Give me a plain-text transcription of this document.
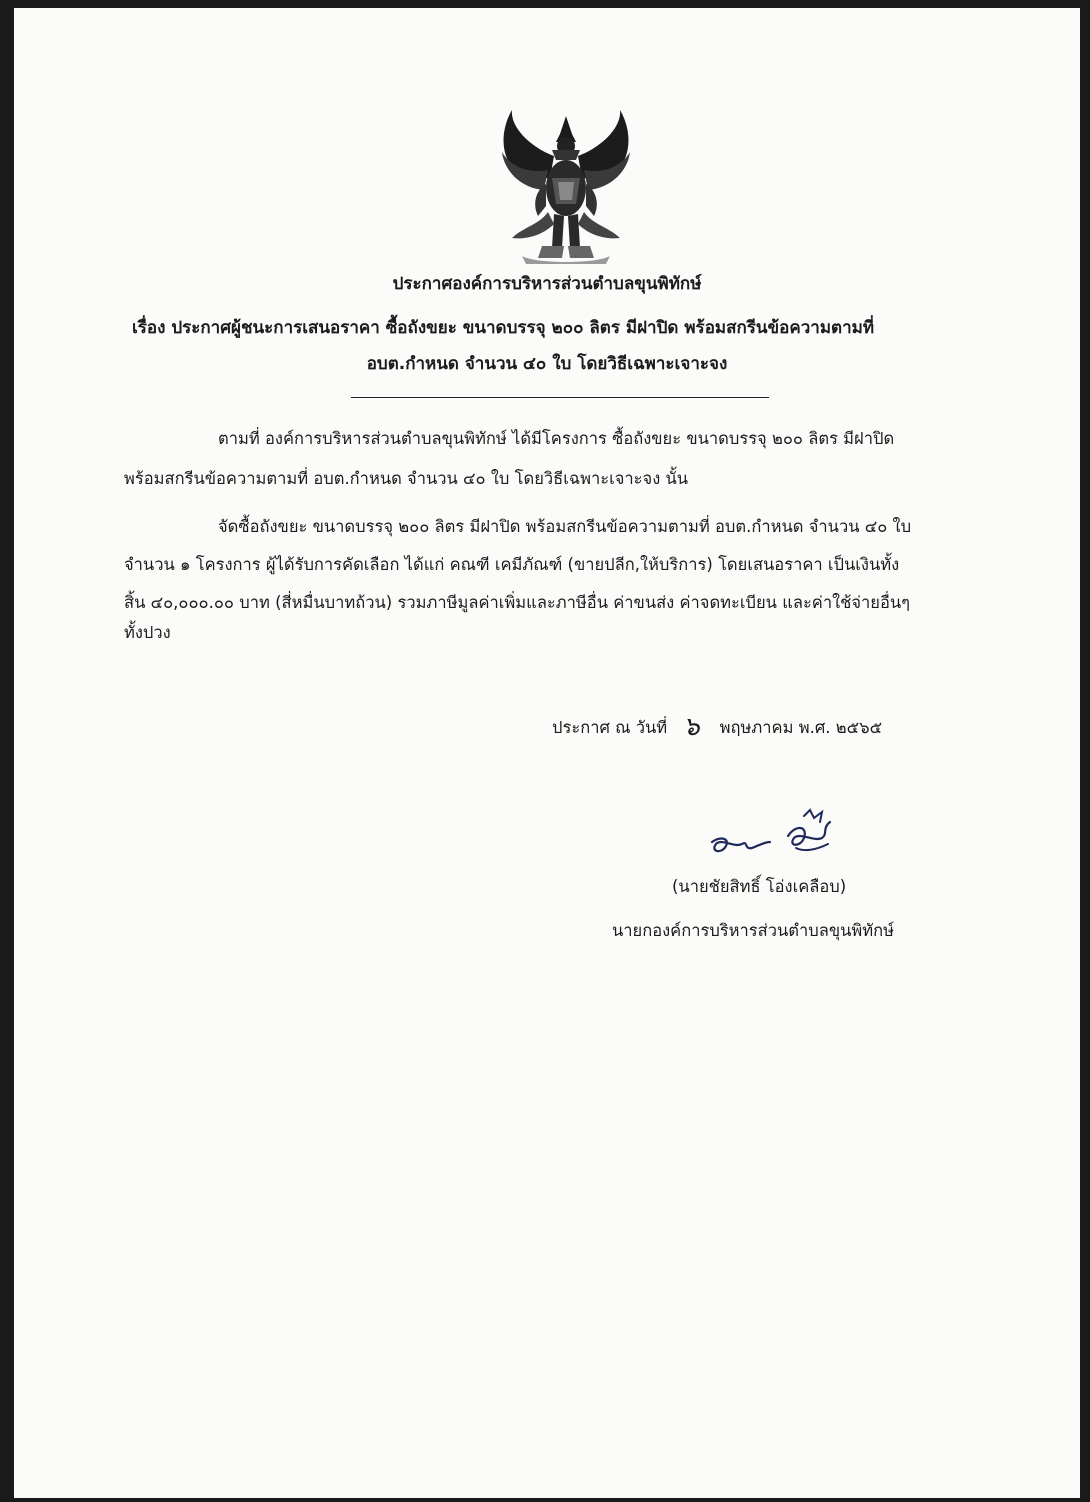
ประกาศองค์การบริหารส่วนตำบลขุนพิทักษ์
เรื่อง ประกาศผู้ชนะการเสนอราคา ซื้อถังขยะ ขนาดบรรจุ ๒๐๐ ลิตร มีฝาปิด พร้อมสกรีนข้อความตามที่
อบต.กำหนด จำนวน ๔๐ ใบ โดยวิธีเฉพาะเจาะจง
ตามที่ องค์การบริหารส่วนตำบลขุนพิทักษ์ ได้มีโครงการ ซื้อถังขยะ ขนาดบรรจุ ๒๐๐ ลิตร มีฝาปิด
พร้อมสกรีนข้อความตามที่ อบต.กำหนด จำนวน ๔๐ ใบ โดยวิธีเฉพาะเจาะจง นั้น
จัดซื้อถังขยะ ขนาดบรรจุ ๒๐๐ ลิตร มีฝาปิด พร้อมสกรีนข้อความตามที่ อบต.กำหนด จำนวน ๔๐ ใบ
จำนวน ๑ โครงการ ผู้ได้รับการคัดเลือก ได้แก่ คณฑี เคมีภัณฑ์ (ขายปลีก,ให้บริการ) โดยเสนอราคา เป็นเงินทั้ง
สิ้น ๔๐,๐๐๐.๐๐ บาท (สี่หมื่นบาทถ้วน) รวมภาษีมูลค่าเพิ่มและภาษีอื่น ค่าขนส่ง ค่าจดทะเบียน และค่าใช้จ่ายอื่นๆ
ทั้งปวง
ประกาศ ณ วันที่ ๖ พฤษภาคม พ.ศ. ๒๕๖๕
(นายชัยสิทธิ์ โอ่งเคลือบ)
นายกองค์การบริหารส่วนตำบลขุนพิทักษ์
